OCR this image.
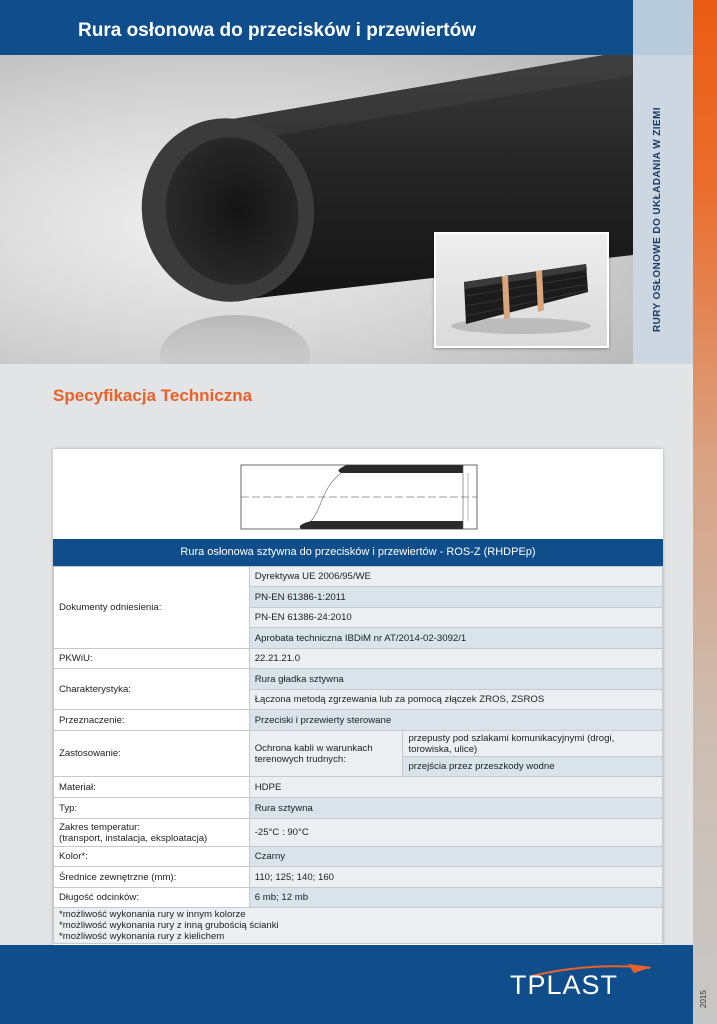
Rura osłonowa do przecisków i przewiertów
RURY OSŁONOWE DO UKŁADANIA W ZIEMI
Specyfikacja Techniczna
Rura osłonowa sztywna do przecisków i przewiertów - ROS-Z (RHDPEp)
Dokumenty odniesienia:	Dyrektywa UE 2006/95/WE	
	PN-EN 61386-1:2011	
	PN-EN 61386-24:2010	
	Aprobata techniczna IBDiM nr AT/2014-02-3092/1	
PKWiU:	22.21.21.0	
Charakterystyka:	Rura gładka sztywna	
	Łączona metodą zgrzewania lub za pomocą złączek ZROS, ZSROS	
Przeznaczenie:	Przeciski i przewierty sterowane	
Zastosowanie:	Ochrona kabli w warunkach terenowych trudnych:	przepusty pod szlakami komunikacyjnymi (drogi, torowiska, ulice)
		przejścia przez przeszkody wodne
Materiał:	HDPE	
Typ:	Rura sztywna	

Zakres temperatur:
(transport, instalacja, eksploatacja)	-25°C : 90°C	
Kolor*:	Czarny	
Średnice zewnętrzne (mm):	110; 125; 140; 160	
Długość odcinków:	6 mb; 12 mb	

*możliwość wykonania rury w innym kolorze
*możliwość wykonania rury z inną grubością ścianki
*możliwość wykonania rury z kielichem		
TPLAST	2015
